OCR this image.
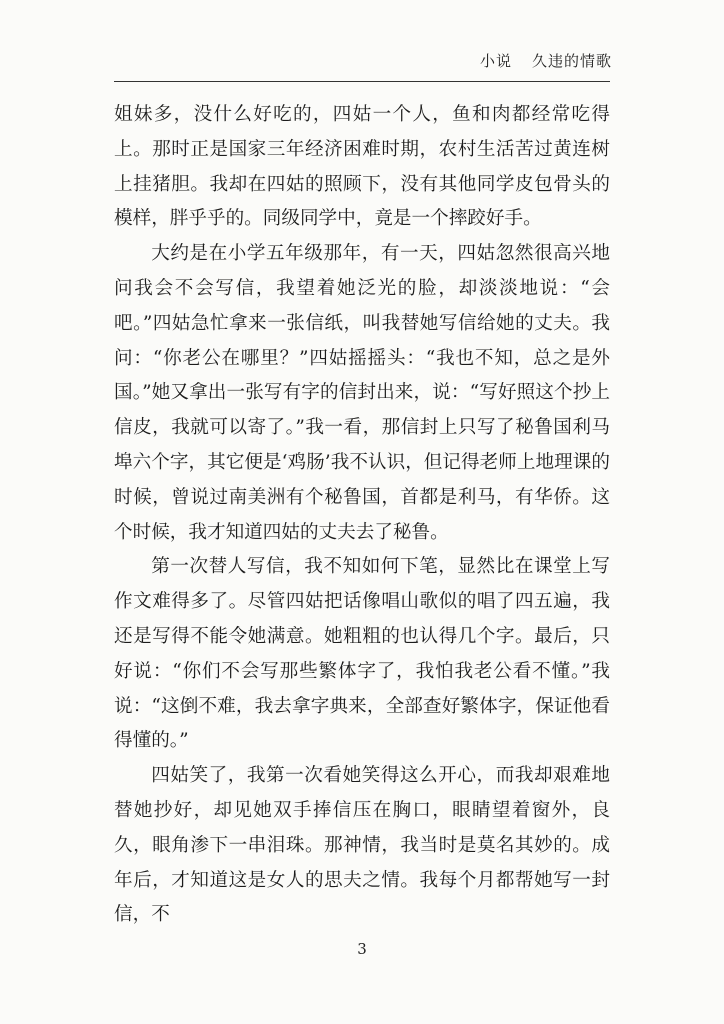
小说 久违的情歌

姐妹多，没什么好吃的，四姑一个人，鱼和肉都经常吃得上。那时正是国家三年经济困难时期，农村生活苦过黄连树上挂猪胆。我却在四姑的照顾下，没有其他同学皮包骨头的模样，胖乎乎的。同级同学中，竟是一个摔跤好手。

大约是在小学五年级那年，有一天，四姑忽然很高兴地问我会不会写信，我望着她泛光的脸，却淡淡地说：“会吧。”四姑急忙拿来一张信纸，叫我替她写信给她的丈夫。我问：“你老公在哪里？”四姑摇摇头：“我也不知，总之是外国。”她又拿出一张写有字的信封出来，说：“写好照这个抄上信皮，我就可以寄了。”我一看，那信封上只写了秘鲁国利马埠六个字，其它便是‘鸡肠’我不认识，但记得老师上地理课的时候，曾说过南美洲有个秘鲁国，首都是利马，有华侨。这个时候，我才知道四姑的丈夫去了秘鲁。

第一次替人写信，我不知如何下笔，显然比在课堂上写作文难得多了。尽管四姑把话像唱山歌似的唱了四五遍，我还是写得不能令她满意。她粗粗的也认得几个字。最后，只好说：“你们不会写那些繁体字了，我怕我老公看不懂。”我说：“这倒不难，我去拿字典来，全部查好繁体字，保证他看得懂的。”

四姑笑了，我第一次看她笑得这么开心，而我却艰难地替她抄好，却见她双手捧信压在胸口，眼睛望着窗外，良久，眼角渗下一串泪珠。那神情，我当时是莫名其妙的。成年后，才知道这是女人的思夫之情。我每个月都帮她写一封信，不

3
